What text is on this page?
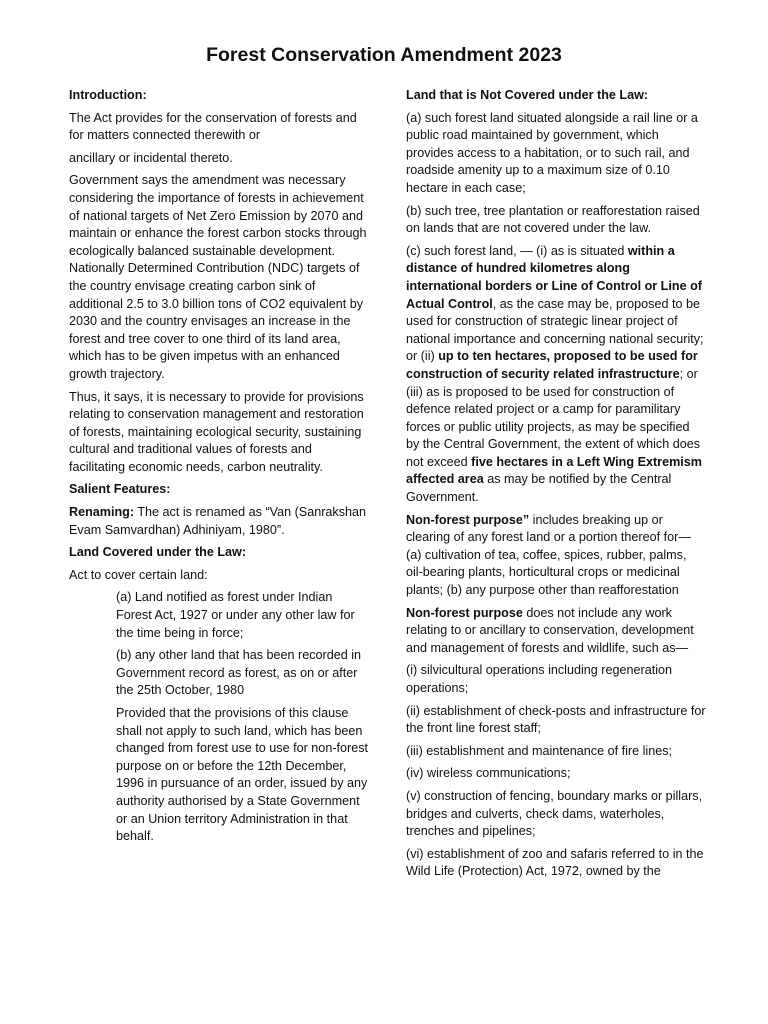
Forest Conservation Amendment 2023

Introduction:

The Act provides for the conservation of forests and for matters connected therewith or

ancillary or incidental thereto.

Government says the amendment was necessary considering the importance of forests in achievement of national targets of Net Zero Emission by 2070 and maintain or enhance the forest carbon stocks through ecologically balanced sustainable development. Nationally Determined Contribution (NDC) targets of the country envisage creating carbon sink of additional 2.5 to 3.0 billion tons of CO2 equivalent by 2030 and the country envisages an increase in the forest and tree cover to one third of its land area, which has to be given impetus with an enhanced growth trajectory.

Thus, it says, it is necessary to provide for provisions relating to conservation management and restoration of forests, maintaining ecological security, sustaining cultural and traditional values of forests and facilitating economic needs, carbon neutrality.

Salient Features:

Renaming: The act is renamed as “Van (Sanrakshan Evam Samvardhan) Adhiniyam, 1980”.

Land Covered under the Law:

Act to cover certain land:

(a) Land notified as forest under Indian Forest Act, 1927 or under any other law for the time being in force;

(b) any other land that has been recorded in Government record as forest, as on or after the 25th October, 1980

Provided that the provisions of this clause shall not apply to such land, which has been changed from forest use to use for non-forest purpose on or before the 12th December, 1996 in pursuance of an order, issued by any authority authorised by a State Government or an Union territory Administration in that behalf.

Land that is Not Covered under the Law:

(a) such forest land situated alongside a rail line or a public road maintained by government, which provides access to a habitation, or to such rail, and roadside amenity up to a maximum size of 0.10 hectare in each case;

(b) such tree, tree plantation or reafforestation raised on lands that are not covered under the law.

(c) such forest land, — (i) as is situated within a distance of hundred kilometres along international borders or Line of Control or Line of Actual Control, as the case may be, proposed to be used for construction of strategic linear project of national importance and concerning national security; or (ii) up to ten hectares, proposed to be used for construction of security related infrastructure; or (iii) as is proposed to be used for construction of defence related project or a camp for paramilitary forces or public utility projects, as may be specified by the Central Government, the extent of which does not exceed five hectares in a Left Wing Extremism affected area as may be notified by the Central Government.

Non-forest purpose” includes breaking up or clearing of any forest land or a portion thereof for— (a) cultivation of tea, coffee, spices, rubber, palms, oil-bearing plants, horticultural crops or medicinal plants; (b) any purpose other than reafforestation

Non-forest purpose does not include any work relating to or ancillary to conservation, development and management of forests and wildlife, such as—

(i) silvicultural operations including regeneration operations;

(ii) establishment of check-posts and infrastructure for the front line forest staff;

(iii) establishment and maintenance of fire lines;

(iv) wireless communications;

(v) construction of fencing, boundary marks or pillars, bridges and culverts, check dams, waterholes, trenches and pipelines;

(vi) establishment of zoo and safaris referred to in the Wild Life (Protection) Act, 1972, owned by the
